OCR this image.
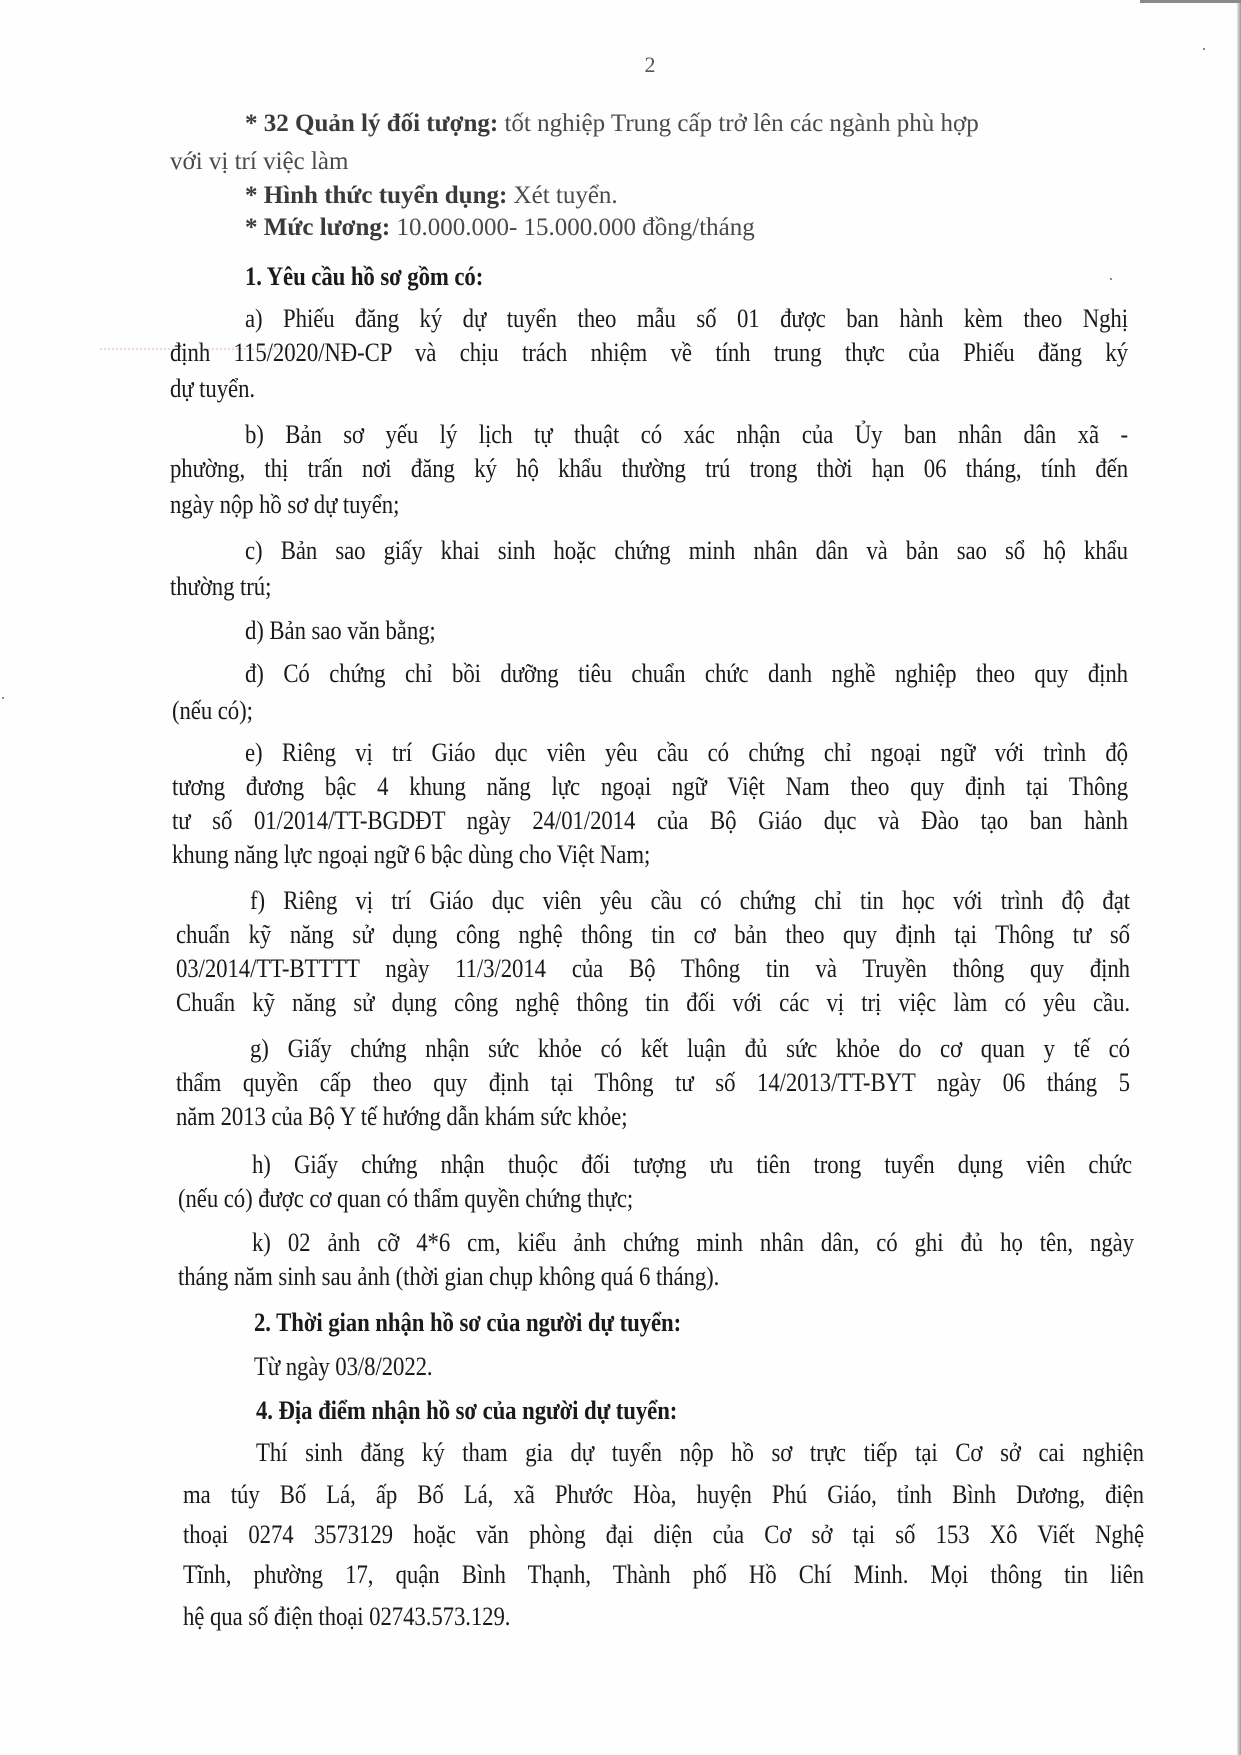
2
* 32 Quản lý đối tượng: tốt nghiệp Trung cấp trở lên các ngành phù hợp
với vị trí việc làm
* Hình thức tuyển dụng: Xét tuyển.
* Mức lương: 10.000.000- 15.000.000 đồng/tháng
1. Yêu cầu hồ sơ gồm có:
a) Phiếu đăng ký dự tuyển theo mẫu số 01 được ban hành kèm theo Nghị
định 115/2020/NĐ-CP và chịu trách nhiệm về tính trung thực của Phiếu đăng ký
dự tuyển.
b) Bản sơ yếu lý lịch tự thuật có xác nhận của Ủy ban nhân dân xã -
phường, thị trấn nơi đăng ký hộ khẩu thường trú trong thời hạn 06 tháng, tính đến
ngày nộp hồ sơ dự tuyển;
c) Bản sao giấy khai sinh hoặc chứng minh nhân dân và bản sao sổ hộ khẩu
thường trú;
d) Bản sao văn bằng;
đ) Có chứng chỉ bồi dưỡng tiêu chuẩn chức danh nghề nghiệp theo quy định
(nếu có);
e) Riêng vị trí Giáo dục viên yêu cầu có chứng chỉ ngoại ngữ với trình độ
tương đương bậc 4 khung năng lực ngoại ngữ Việt Nam theo quy định tại Thông
tư số 01/2014/TT-BGDĐT ngày 24/01/2014 của Bộ Giáo dục và Đào tạo ban hành
khung năng lực ngoại ngữ 6 bậc dùng cho Việt Nam;
f) Riêng vị trí Giáo dục viên yêu cầu có chứng chỉ tin học với trình độ đạt
chuẩn kỹ năng sử dụng công nghệ thông tin cơ bản theo quy định tại Thông tư số
03/2014/TT-BTTTT ngày 11/3/2014 của Bộ Thông tin và Truyền thông quy định
Chuẩn kỹ năng sử dụng công nghệ thông tin đối với các vị trị việc làm có yêu cầu.
g) Giấy chứng nhận sức khỏe có kết luận đủ sức khỏe do cơ quan y tế có
thẩm quyền cấp theo quy định tại Thông tư số 14/2013/TT-BYT ngày 06 tháng 5
năm 2013 của Bộ Y tế hướng dẫn khám sức khỏe;
h) Giấy chứng nhận thuộc đối tượng ưu tiên trong tuyển dụng viên chức
(nếu có) được cơ quan có thẩm quyền chứng thực;
k) 02 ảnh cỡ 4*6 cm, kiểu ảnh chứng minh nhân dân, có ghi đủ họ tên, ngày
tháng năm sinh sau ảnh (thời gian chụp không quá 6 tháng).
2. Thời gian nhận hồ sơ của người dự tuyển:
Từ ngày 03/8/2022.
4. Địa điểm nhận hồ sơ của người dự tuyển:
Thí sinh đăng ký tham gia dự tuyển nộp hồ sơ trực tiếp tại Cơ sở cai nghiện
ma túy Bố Lá, ấp Bố Lá, xã Phước Hòa, huyện Phú Giáo, tỉnh Bình Dương, điện
thoại 0274 3573129 hoặc văn phòng đại diện của Cơ sở tại số 153 Xô Viết Nghệ
Tĩnh, phường 17, quận Bình Thạnh, Thành phố Hồ Chí Minh. Mọi thông tin liên
hệ qua số điện thoại 02743.573.129.
